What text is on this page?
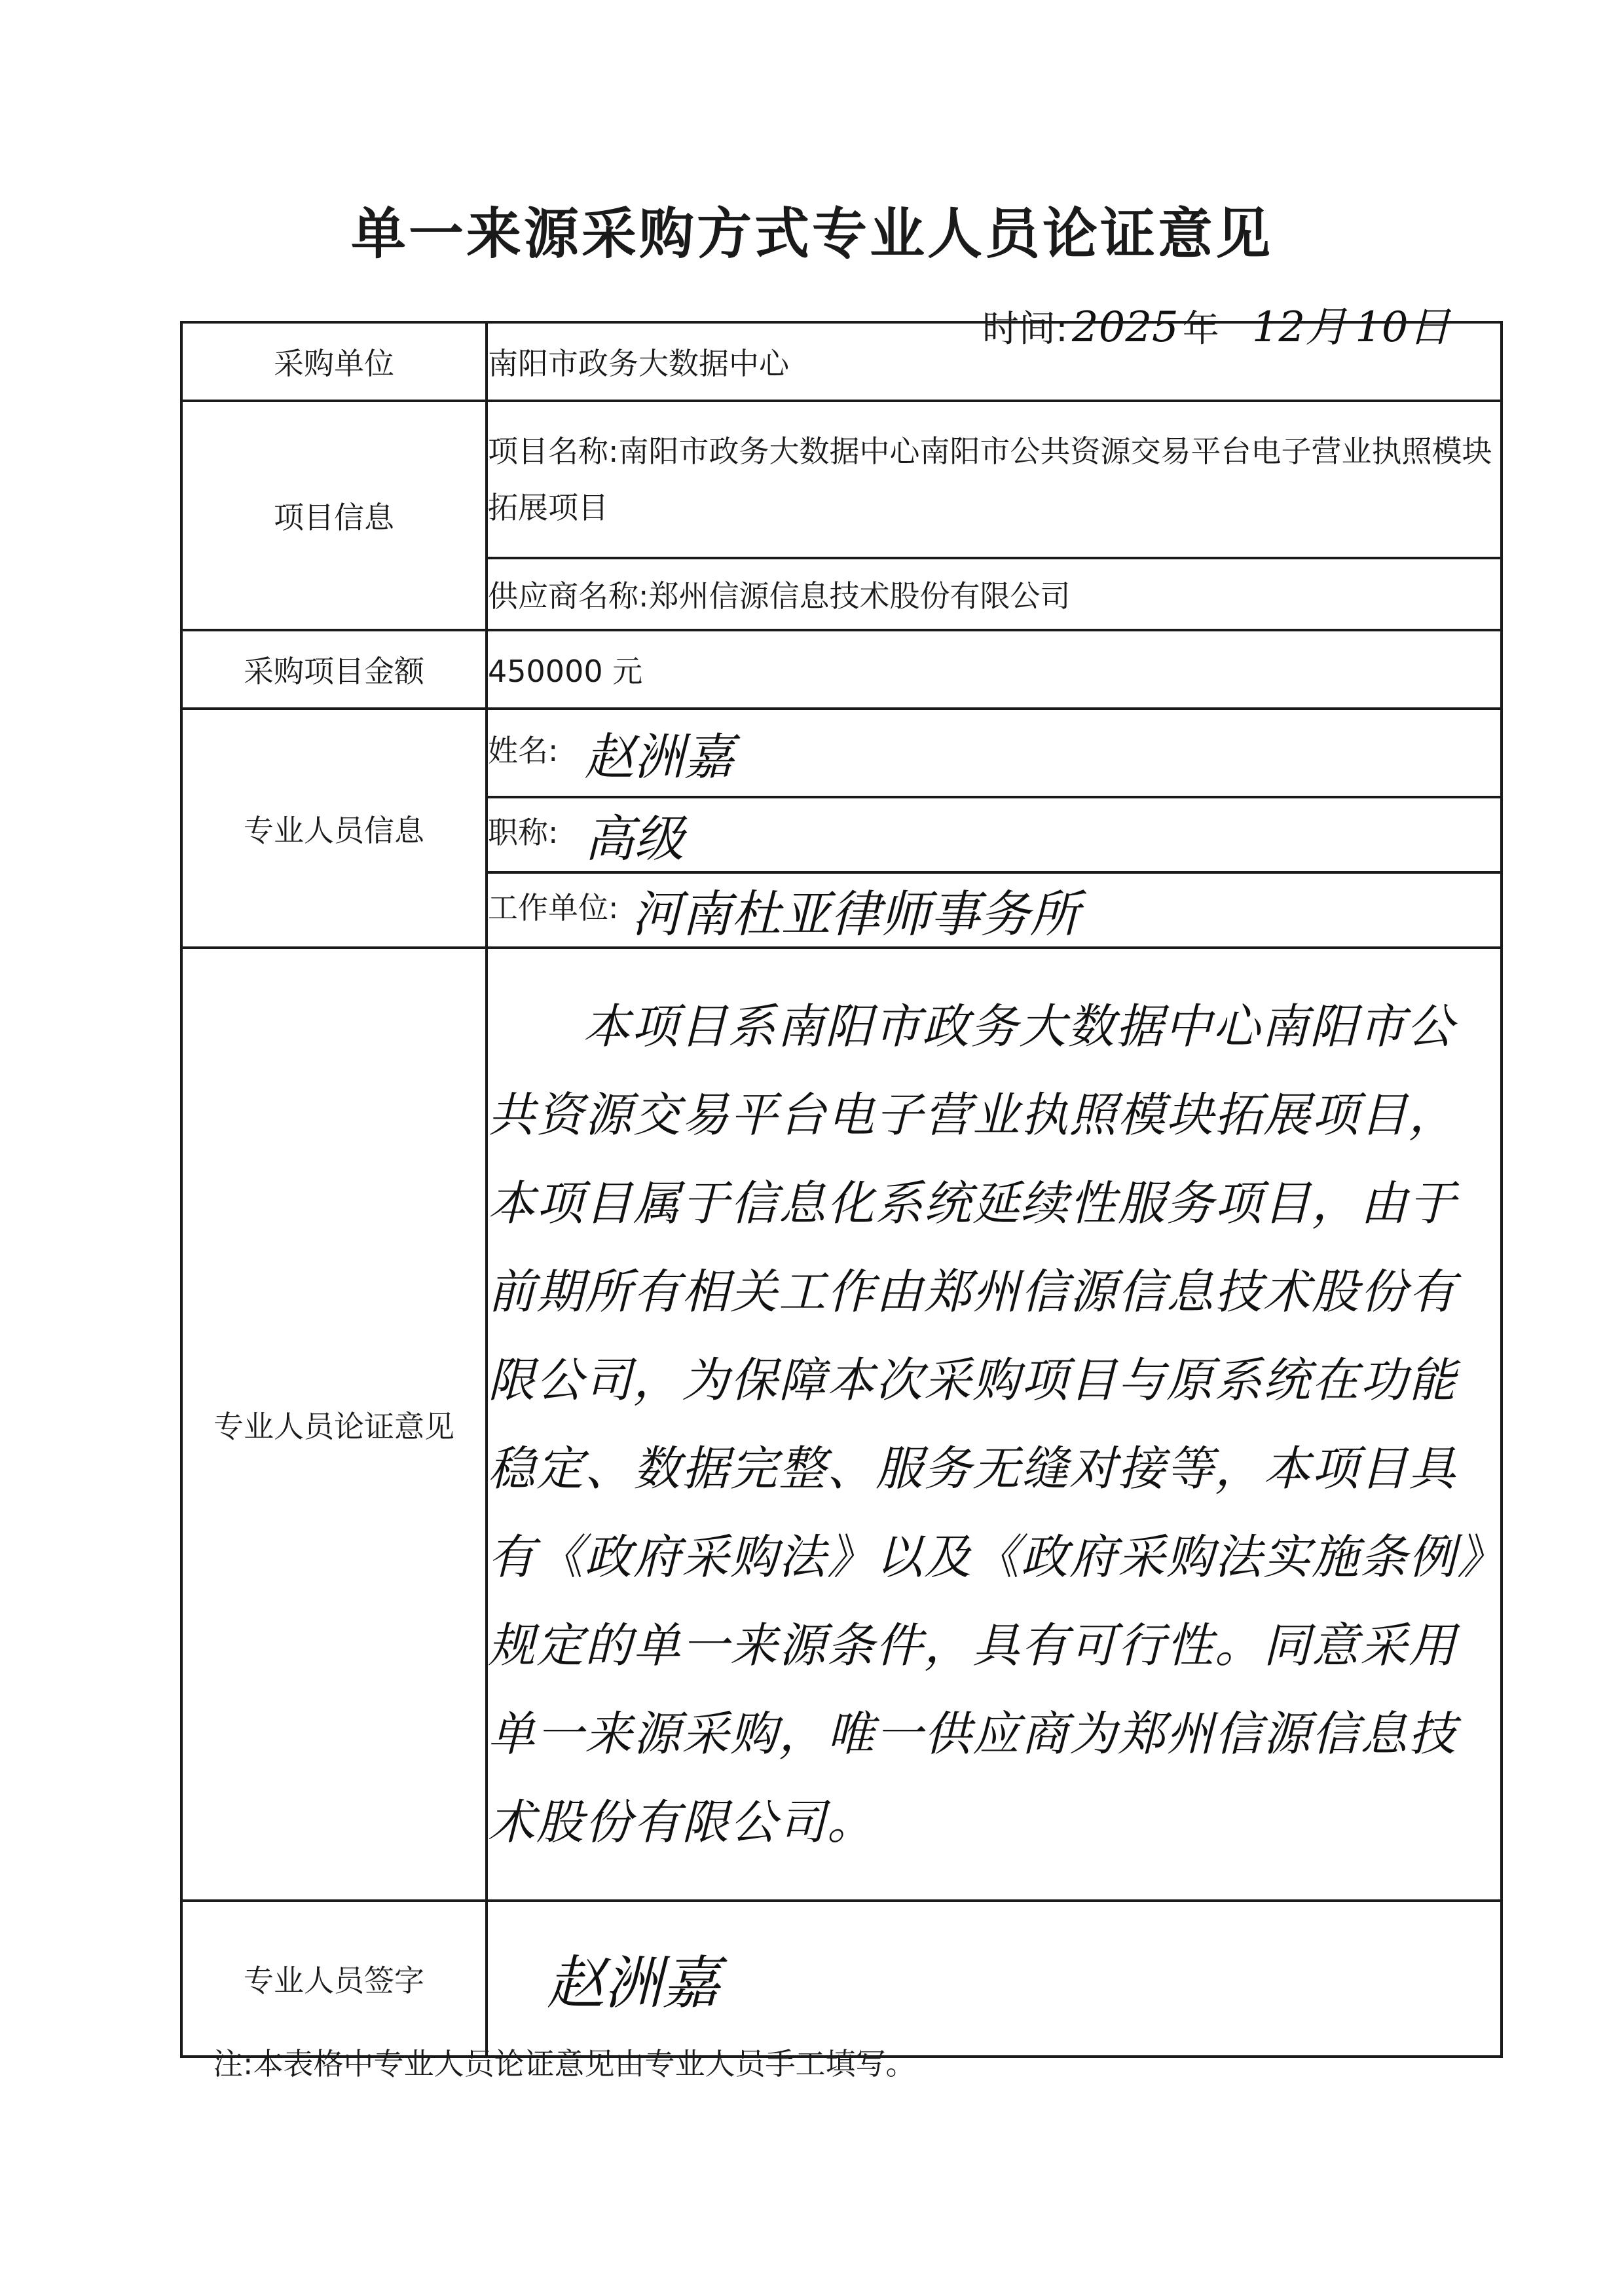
单一来源采购方式专业人员论证意见
时间: 2025 年 12月 10日
采购单位	南阳市政务大数据中心
项目信息	项目名称:南阳市政务大数据中心南阳市公共资源交易平台电子营业执照模块拓展项目
	供应商名称:郑州信源信息技术股份有限公司
采购项目金额	450000 元
专业人员信息	姓名: 赵洲嘉
	职称: 高级
	工作单位: 河南杜亚律师事务所
专业人员论证意见	本项目系南阳市政务大数据中心南阳市公共资源交易平台电子营业执照模块拓展项目，本项目属于信息化系统延续性服务项目，由于前期所有相关工作由郑州信源信息技术股份有限公司，为保障本次采购项目与原系统在功能稳定、数据完整、服务无缝对接等，本项目具有《政府采购法》以及《政府采购法实施条例》规定的单一来源条件，具有可行性。同意采用单一来源采购，唯一供应商为郑州信源信息技术股份有限公司。

专业人员签字	赵洲嘉
注:本表格中专业人员论证意见由专业人员手工填写。
